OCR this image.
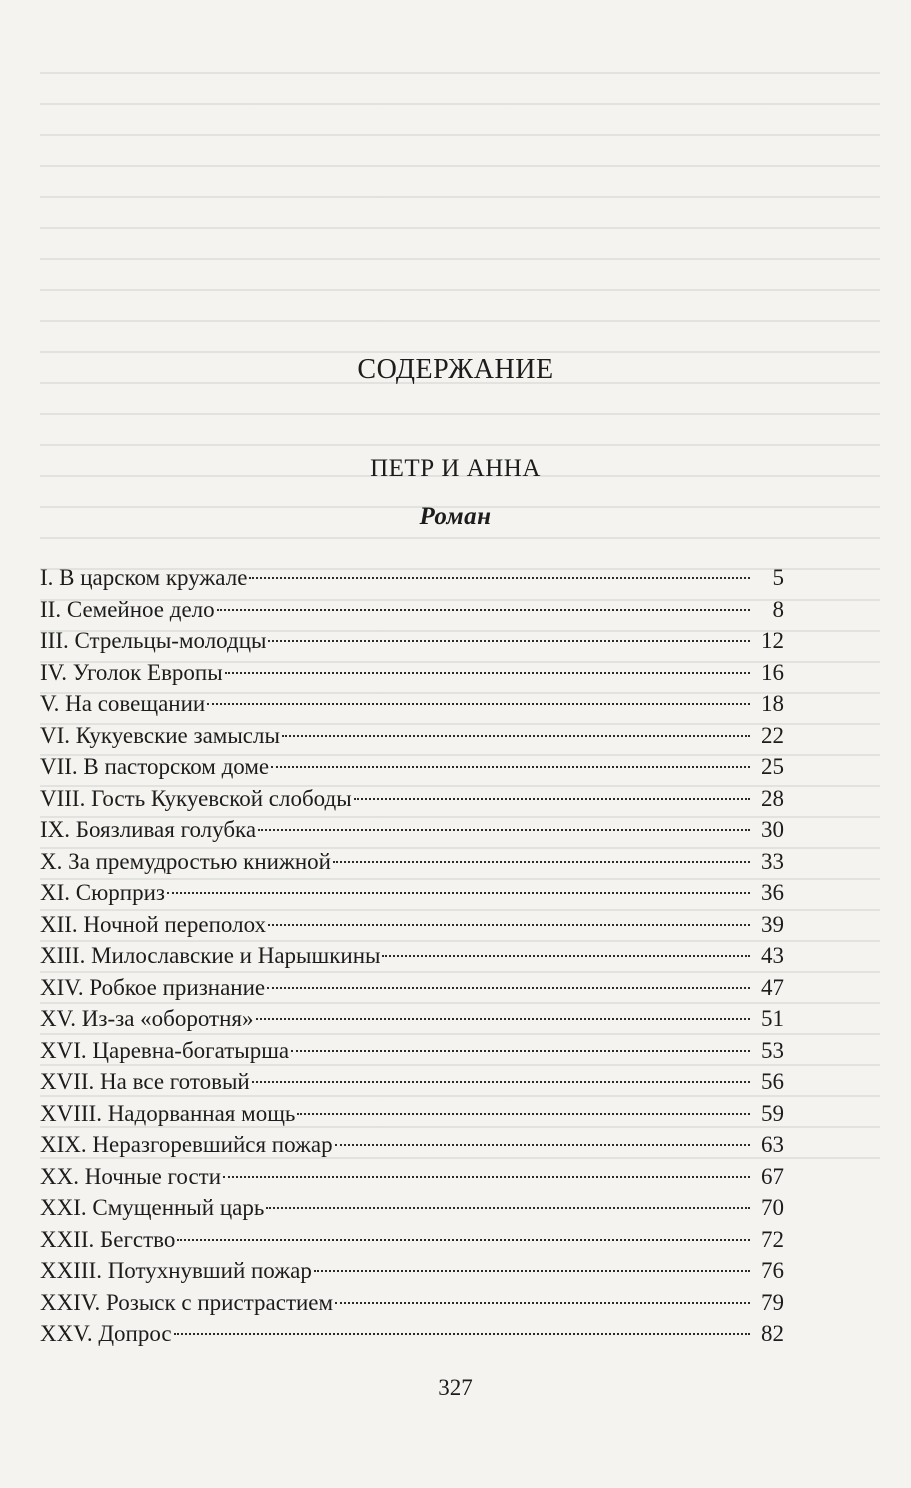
СОДЕРЖАНИЕ
ПЕТР И АННА
Роман
I. В царском кружале	5
II. Семейное дело	8
III. Стрельцы-молодцы	12
IV. Уголок Европы	16
V. На совещании	18
VI. Кукуевские замыслы	22
VII. В пасторском доме	25
VIII. Гость Кукуевской слободы	28
IX. Боязливая голубка	30
X. За премудростью книжной	33
XI. Сюрприз	36
XII. Ночной переполох	39
XIII. Милославские и Нарышкины	43
XIV. Робкое признание	47
XV. Из-за «оборотня»	51
XVI. Царевна-богатырша	53
XVII. На все готовый	56
XVIII. Надорванная мощь	59
XIX. Неразгоревшийся пожар	63
XX. Ночные гости	67
XXI. Смущенный царь	70
XXII. Бегство	72
XXIII. Потухнувший пожар	76
XXIV. Розыск с пристрастием	79
XXV. Допрос	82
327
